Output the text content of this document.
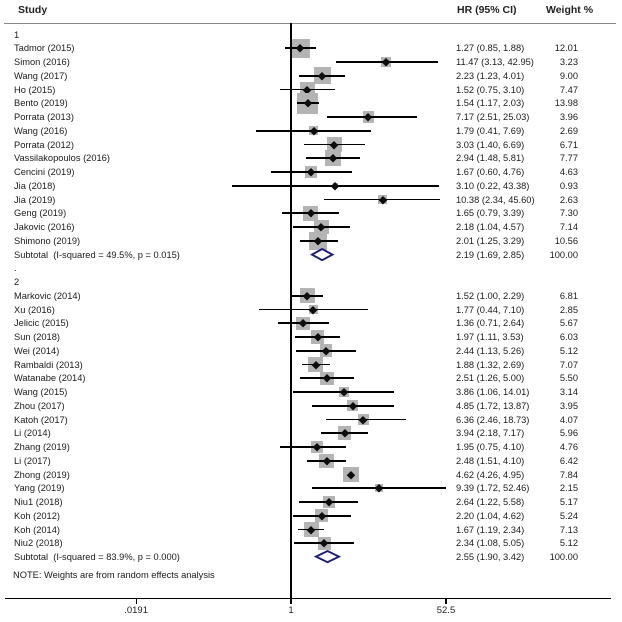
Study	HR (95% CI)	Weight %
1
Tadmor (2015)	1.27 (0.85, 1.88)	12.01
Simon (2016)	11.47 (3.13, 42.95)	3.23
Wang (2017)	2.23 (1.23, 4.01)	9.00
Ho (2015)	1.52 (0.75, 3.10)	7.47
Bento (2019)	1.54 (1.17, 2.03)	13.98
Porrata (2013)	7.17 (2.51, 25.03)	3.96
Wang (2016)	1.79 (0.41, 7.69)	2.69
Porrata (2012)	3.03 (1.40, 6.69)	6.71
Vassilakopoulos (2016)	2.94 (1.48, 5.81)	7.77
Cencini (2019)	1.67 (0.60, 4.76)	4.63
Jia (2018)	3.10 (0.22, 43.38)	0.93
Jia (2019)	10.38 (2.34, 45.60)	2.63
Geng (2019)	1.65 (0.79, 3.39)	7.30
Jakovic (2016)	2.18 (1.04, 4.57)	7.14
Shimono (2019)	2.01 (1.25, 3.29)	10.56
Subtotal  (I-squared = 49.5%, p = 0.015)	2.19 (1.69, 2.85)	100.00
.
2
Markovic (2014)	1.52 (1.00, 2.29)	6.81
Xu (2016)	1.77 (0.44, 7.10)	2.85
Jelicic (2015)	1.36 (0.71, 2.64)	5.67
Sun (2018)	1.97 (1.11, 3.53)	6.03
Wei (2014)	2.44 (1.13, 5.26)	5.12
Rambaldi (2013)	1.88 (1.32, 2.69)	7.07
Watanabe (2014)	2.51 (1.26, 5.00)	5.50
Wang (2015)	3.86 (1.06, 14.01)	3.14
Zhou (2017)	4.85 (1.72, 13.87)	3.95
Katoh (2017)	6.36 (2.46, 18.73)	4.07
Li (2014)	3.94 (2.18, 7.17)	5.96
Zhang (2019)	1.95 (0.75, 4.10)	4.76
Li (2017)	2.48 (1.51, 4.10)	6.42
Zhong (2019)	4.62 (4.26, 4.95)	7.84
Yang (2019)	9.39 (1.72, 52.46)	2.15
Niu1 (2018)	2.64 (1.22, 5.58)	5.17
Koh (2012)	2.20 (1.04, 4.62)	5.24
Koh (2014)	1.67 (1.19, 2.34)	7.13
Niu2 (2018)	2.34 (1.08, 5.05)	5.12
Subtotal  (I-squared = 83.9%, p = 0.000)	2.55 (1.90, 3.42)	100.00
.0191	1	52.5
NOTE: Weights are from random effects analysis
